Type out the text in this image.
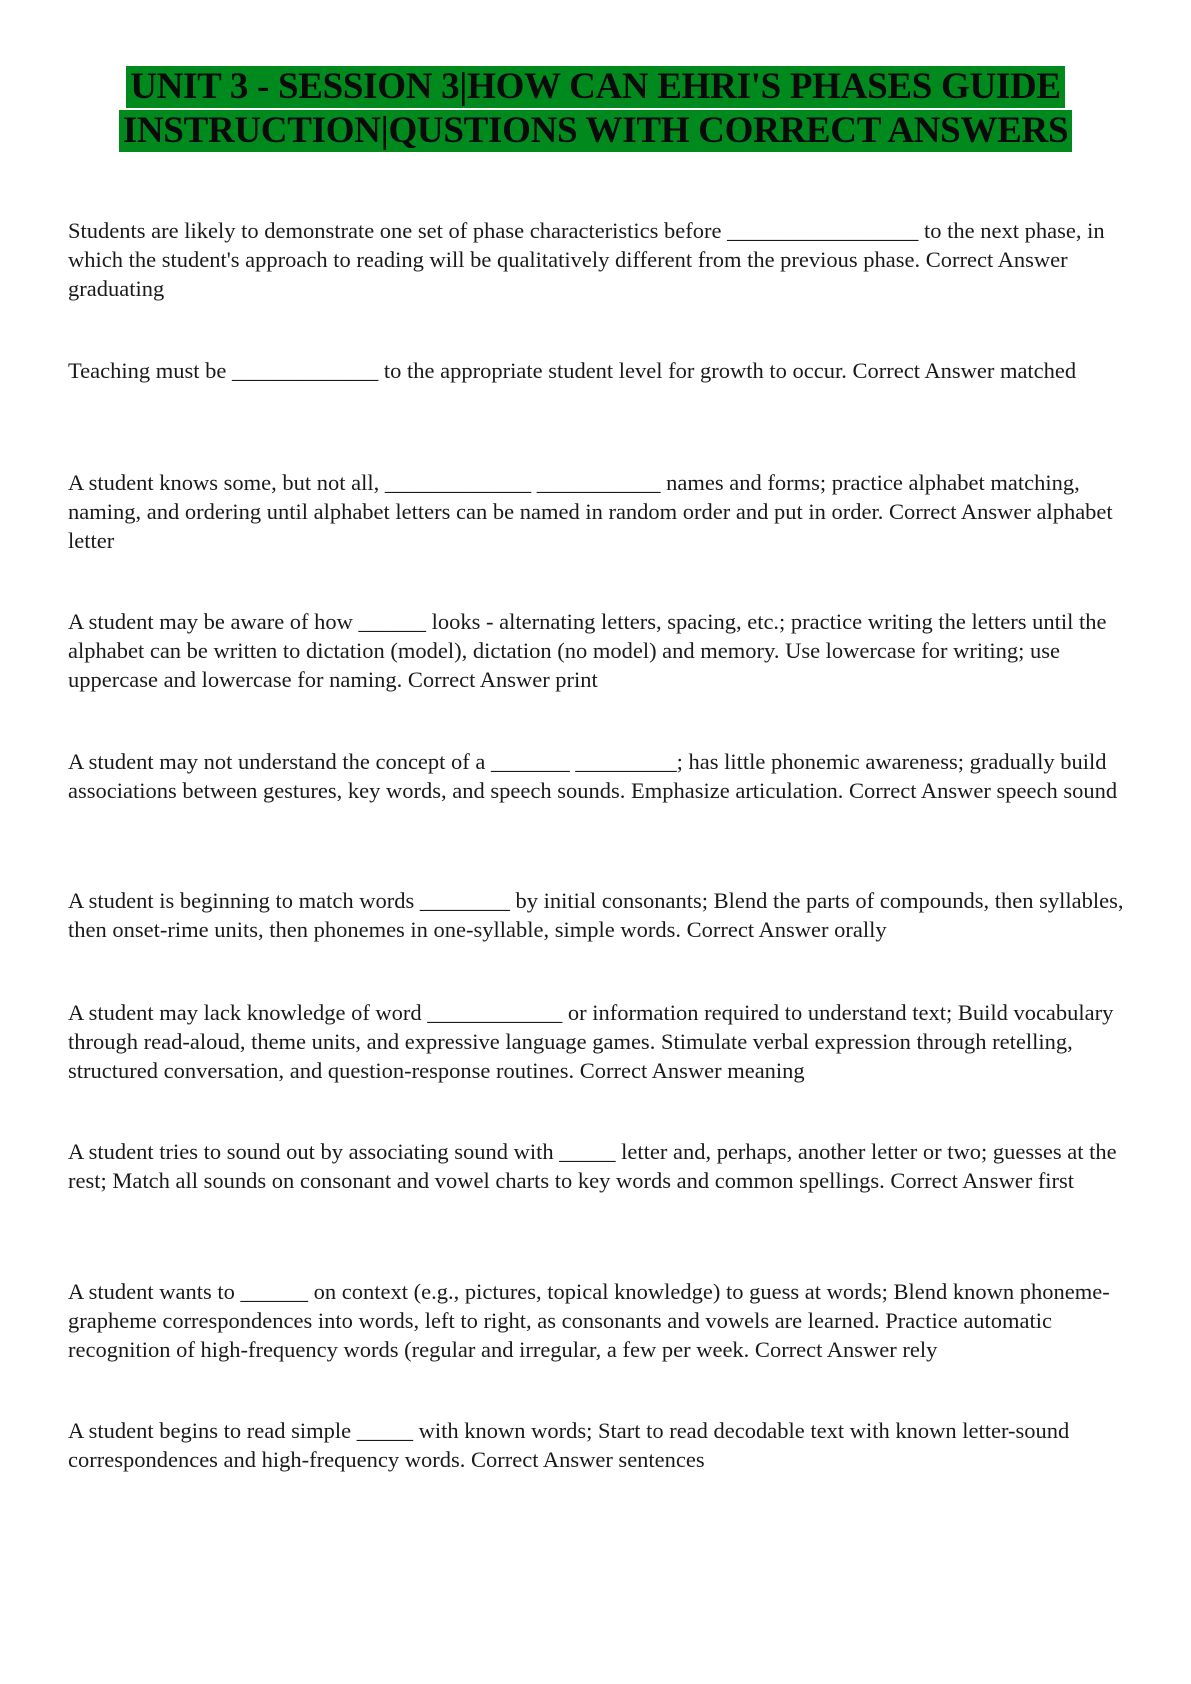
UNIT 3 - SESSION 3|HOW CAN EHRI'S PHASES GUIDE
INSTRUCTION|QUSTIONS WITH CORRECT ANSWERS
Students are likely to demonstrate one set of phase characteristics before _________________ to the next phase, in which the student's approach to reading will be qualitatively different from the previous phase. Correct Answer graduating
Teaching must be _____________ to the appropriate student level for growth to occur. Correct Answer matched
A student knows some, but not all, _____________ ___________ names and forms; practice alphabet matching, naming, and ordering until alphabet letters can be named in random order and put in order. Correct Answer alphabet letter
A student may be aware of how ______ looks - alternating letters, spacing, etc.; practice writing the letters until the alphabet can be written to dictation (model), dictation (no model) and memory. Use lowercase for writing; use uppercase and lowercase for naming. Correct Answer print
A student may not understand the concept of a _______ _________; has little phonemic awareness; gradually build associations between gestures, key words, and speech sounds. Emphasize articulation. Correct Answer speech sound
A student is beginning to match words ________ by initial consonants; Blend the parts of compounds, then syllables, then onset-rime units, then phonemes in one-syllable, simple words. Correct Answer orally
A student may lack knowledge of word ____________ or information required to understand text; Build vocabulary through read-aloud, theme units, and expressive language games. Stimulate verbal expression through retelling, structured conversation, and question-response routines. Correct Answer meaning
A student tries to sound out by associating sound with _____ letter and, perhaps, another letter or two; guesses at the rest; Match all sounds on consonant and vowel charts to key words and common spellings. Correct Answer first
A student wants to ______ on context (e.g., pictures, topical knowledge) to guess at words; Blend known phoneme-grapheme correspondences into words, left to right, as consonants and vowels are learned. Practice automatic recognition of high-frequency words (regular and irregular, a few per week. Correct Answer rely
A student begins to read simple _____ with known words; Start to read decodable text with known letter-sound correspondences and high-frequency words. Correct Answer sentences
